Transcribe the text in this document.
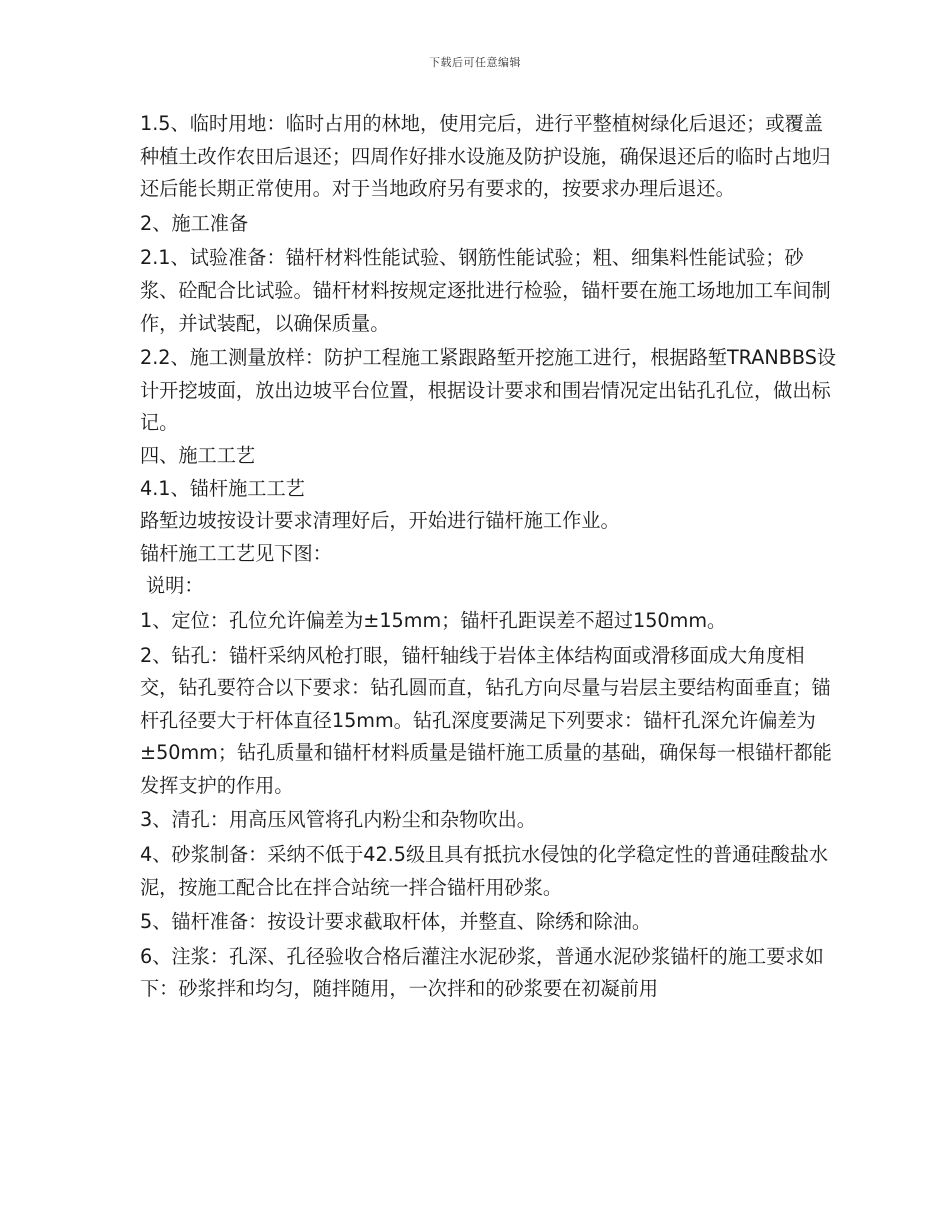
下载后可任意编辑

1.5、临时用地：临时占用的林地，使用完后，进行平整植树绿化后退还；或覆盖种植土改作农田后退还；四周作好排水设施及防护设施，确保退还后的临时占地归还后能长期正常使用。对于当地政府另有要求的，按要求办理后退还。

2、施工准备

2.1、试验准备：锚杆材料性能试验、钢筋性能试验；粗、细集料性能试验；砂浆、砼配合比试验。锚杆材料按规定逐批进行检验，锚杆要在施工场地加工车间制作，并试装配，以确保质量。

2.2、施工测量放样：防护工程施工紧跟路堑开挖施工进行，根据路堑TRANBBS设计开挖坡面，放出边坡平台位置，根据设计要求和围岩情况定出钻孔孔位，做出标记。

四、施工工艺

4.1、锚杆施工工艺

路堑边坡按设计要求清理好后，开始进行锚杆施工作业。

锚杆施工工艺见下图：

说明：

1、定位：孔位允许偏差为±15mm；锚杆孔距误差不超过150mm。

2、钻孔：锚杆采纳风枪打眼，锚杆轴线于岩体主体结构面或滑移面成大角度相交，钻孔要符合以下要求：钻孔圆而直，钻孔方向尽量与岩层主要结构面垂直；锚杆孔径要大于杆体直径15mm。钻孔深度要满足下列要求：锚杆孔深允许偏差为±50mm；钻孔质量和锚杆材料质量是锚杆施工质量的基础，确保每一根锚杆都能发挥支护的作用。

3、清孔：用高压风管将孔内粉尘和杂物吹出。

4、砂浆制备：采纳不低于42.5级且具有抵抗水侵蚀的化学稳定性的普通硅酸盐水泥，按施工配合比在拌合站统一拌合锚杆用砂浆。

5、锚杆准备：按设计要求截取杆体，并整直、除绣和除油。

6、注浆：孔深、孔径验收合格后灌注水泥砂浆，普通水泥砂浆锚杆的施工要求如下：砂浆拌和均匀，随拌随用，一次拌和的砂浆要在初凝前用
